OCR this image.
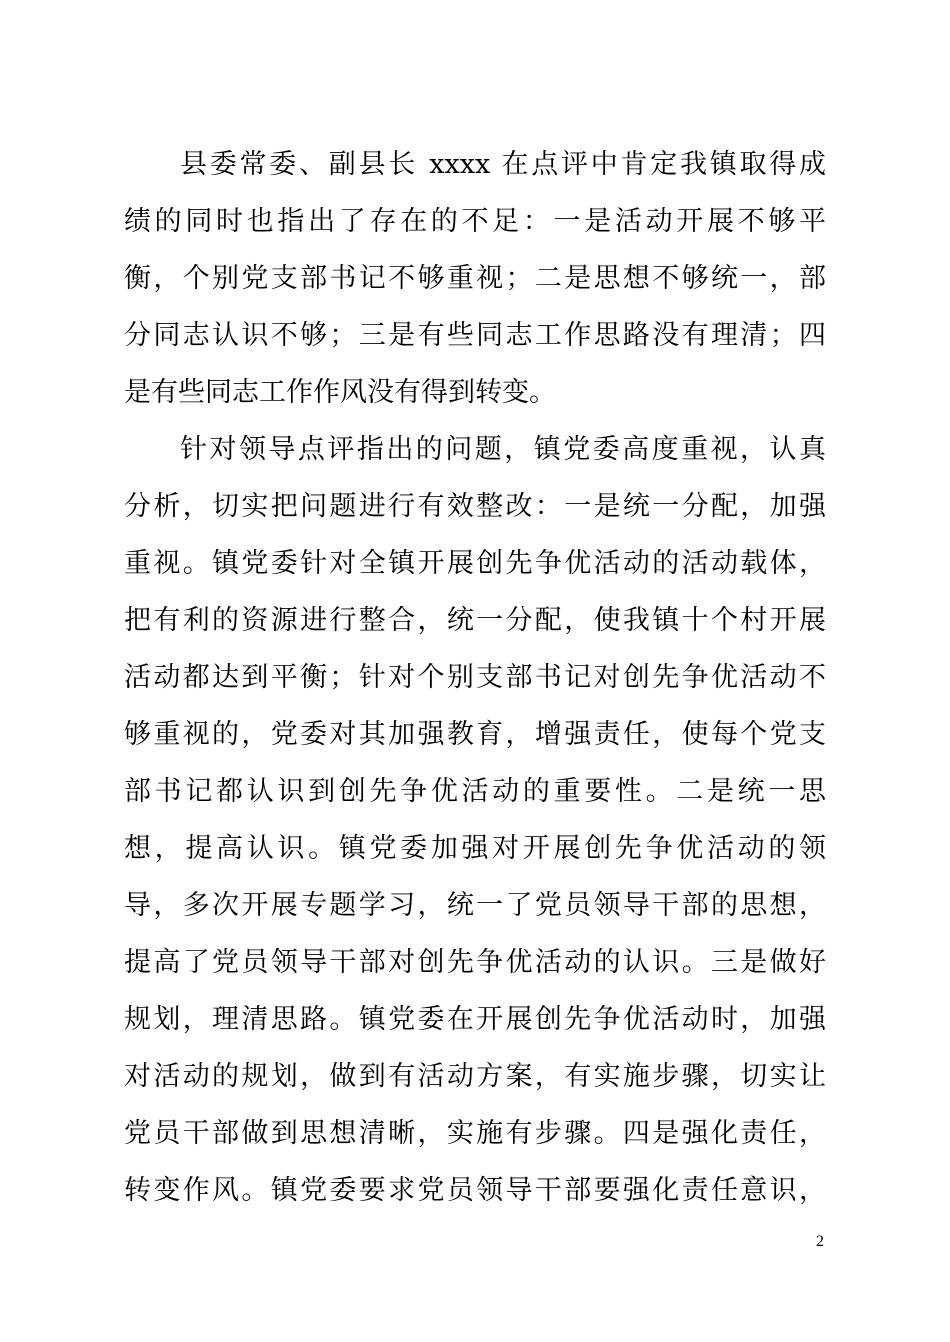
县委常委、副县长 xxxx 在点评中肯定我镇取得成
绩的同时也指出了存在的不足：一是活动开展不够平
衡，个别党支部书记不够重视；二是思想不够统一，部
分同志认识不够；三是有些同志工作思路没有理清；四
是有些同志工作作风没有得到转变。

针对领导点评指出的问题，镇党委高度重视，认真
分析，切实把问题进行有效整改：一是统一分配，加强
重视。镇党委针对全镇开展创先争优活动的活动载体，
把有利的资源进行整合，统一分配，使我镇十个村开展
活动都达到平衡；针对个别支部书记对创先争优活动不
够重视的，党委对其加强教育，增强责任，使每个党支
部书记都认识到创先争优活动的重要性。二是统一思
想，提高认识。镇党委加强对开展创先争优活动的领
导，多次开展专题学习，统一了党员领导干部的思想，
提高了党员领导干部对创先争优活动的认识。三是做好
规划，理清思路。镇党委在开展创先争优活动时，加强
对活动的规划，做到有活动方案，有实施步骤，切实让
党员干部做到思想清晰，实施有步骤。四是强化责任，
转变作风。镇党委要求党员领导干部要强化责任意识，

2
